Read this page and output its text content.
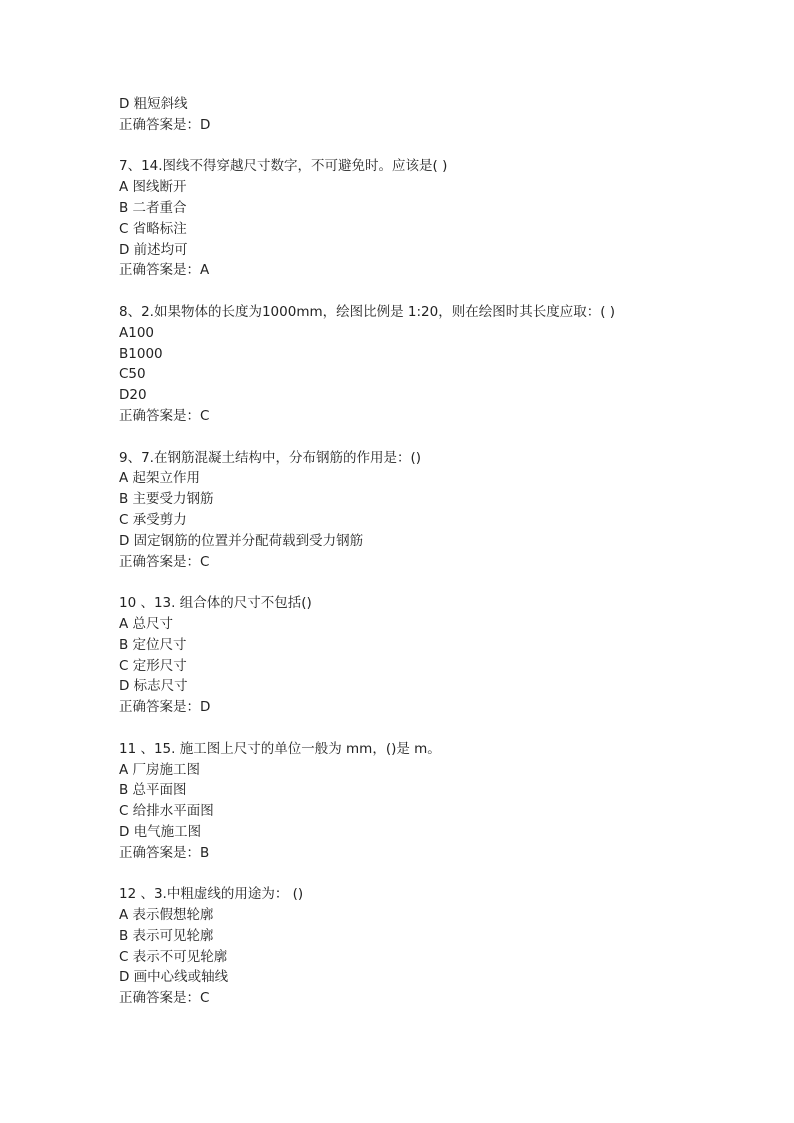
D 粗短斜线
正确答案是：D
7、14.图线不得穿越尺寸数字，不可避免时。应该是( )
A 图线断开
B 二者重合
C 省略标注
D 前述均可
正确答案是：A
8、2.如果物体的长度为1000mm，绘图比例是 1:20，则在绘图时其长度应取：( )
A100
B1000
C50
D20
正确答案是：C
9、7.在钢筋混凝土结构中，分布钢筋的作用是：()
A 起架立作用
B 主要受力钢筋
C 承受剪力
D 固定钢筋的位置并分配荷载到受力钢筋
正确答案是：C
10 、13. 组合体的尺寸不包括()
A 总尺寸
B 定位尺寸
C 定形尺寸
D 标志尺寸
正确答案是：D
11 、15. 施工图上尺寸的单位一般为 mm，()是 m。
A 厂房施工图
B 总平面图
C 给排水平面图
D 电气施工图
正确答案是：B
12 、3.中粗虚线的用途为： ()
A 表示假想轮廓
B 表示可见轮廓
C 表示不可见轮廓
D 画中心线或轴线
正确答案是：C
